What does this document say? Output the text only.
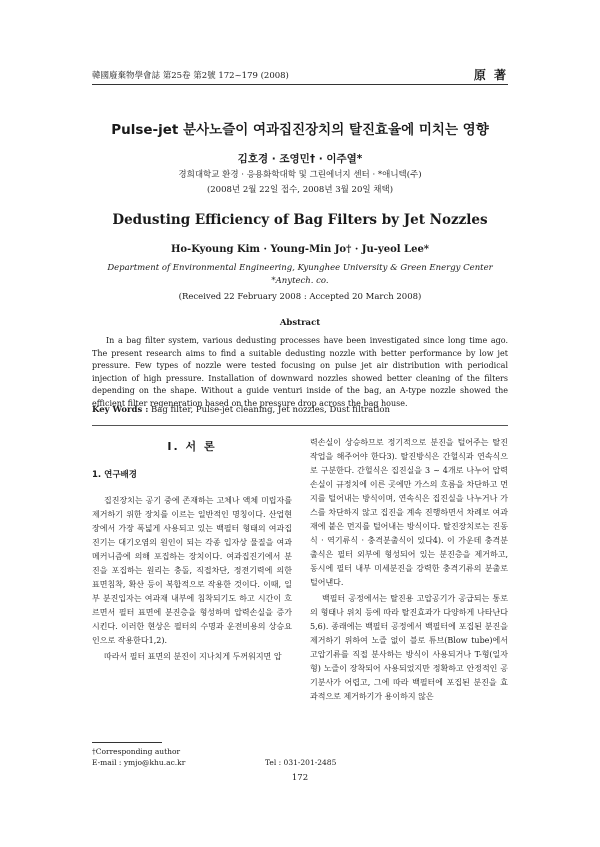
韓國廢棄物學會誌 第25卷 第2號 172~179 (2008)	原 著
Pulse-jet 분사노즐이 여과집진장치의 탈진효율에 미치는 영향
김호경 · 조영민† · 이주열*
경희대학교 환경 · 응용화학대학 및 그린에너지 센터 · *애니텍(주)
(2008년 2월 22일 접수, 2008년 3월 20일 채택)
Dedusting Efficiency of Bag Filters by Jet Nozzles
Ho-Kyoung Kim · Young-Min Jo† · Ju-yeol Lee*
Department of Environmental Engineering, Kyunghee University & Green Energy Center
*Anytech. co.
(Received 22 February 2008 : Accepted 20 March 2008)
Abstract
In a bag filter system, various dedusting processes have been investigated since long time ago. The present research aims to find a suitable dedusting nozzle with better performance by low jet pressure. Few types of nozzle were tested focusing on pulse jet air distribution with periodical injection of high pressure. Installation of downward nozzles showed better cleaning of the filters depending on the shape. Without a guide venturi inside of the bag, an A-type nozzle showed the efficient filter regeneration based on the pressure drop across the bag house.
Key Words : Bag filter, Pulse-jet cleaning, Jet nozzles, Dust filtration
I. 서 론
1. 연구배경

집진장치는 공기 중에 존재하는 고체나 액체 미립자를 제거하기 위한 장치를 이르는 일반적인 명칭이다. 산업현장에서 가장 폭넓게 사용되고 있는 백필터 형태의 여과집진기는 대기오염의 원인이 되는 각종 입자상 물질을 여과 메커니즘에 의해 포집하는 장치이다. 여과집진기에서 분진을 포집하는 원리는 충돌, 직접차단, 정전기력에 의한 표면침착, 확산 등이 복합적으로 작용한 것이다. 이때, 일부 분진입자는 여과재 내부에 침착되기도 하고 시간이 흐르면서 필터 표면에 분진층을 형성하며 압력손실을 증가시킨다. 이러한 현상은 필터의 수명과 운전비용의 상승요인으로 작용한다1,2).

따라서 필터 표면의 분진이 지나치게 두꺼워지면 압

력손실이 상승하므로 정기적으로 분진을 털어주는 탈진작업을 해주어야 한다3). 탈진방식은 간헐식과 연속식으로 구분한다. 간헐식은 집진실을 3 ~ 4개로 나누어 압력손실이 규정치에 이른 곳에만 가스의 흐름을 차단하고 먼지를 털어내는 방식이며, 연속식은 집진실을 나누거나 가스를 차단하지 않고 집진을 계속 진행하면서 차례로 여과재에 붙은 먼지를 털어내는 방식이다. 탈진장치로는 진동식 · 역기류식 · 충격분출식이 있다4). 이 가운데 충격분출식은 필터 외부에 형성되어 있는 분진층을 제거하고, 동시에 필터 내부 미세분진을 강력한 충격기류의 분출로 털어낸다.

백필터 공정에서는 탈진용 고압공기가 공급되는 통로의 형태나 위치 등에 따라 탈진효과가 다양하게 나타난다5,6). 종래에는 백필터 공정에서 백필터에 포집된 분진을 제거하기 위하여 노즐 없이 블로 튜브(Blow tube)에서 고압기류를 직접 분사하는 방식이 사용되거나 T-형(일자형) 노즐이 장착되어 사용되었지만 정확하고 안정적인 공기분사가 어렵고, 그에 따라 백필터에 포집된 분진을 효과적으로 제거하기가 용이하지 않은

†Corresponding author
E-mail : ymjo@khu.ac.kr	Tel : 031-201-2485
172
